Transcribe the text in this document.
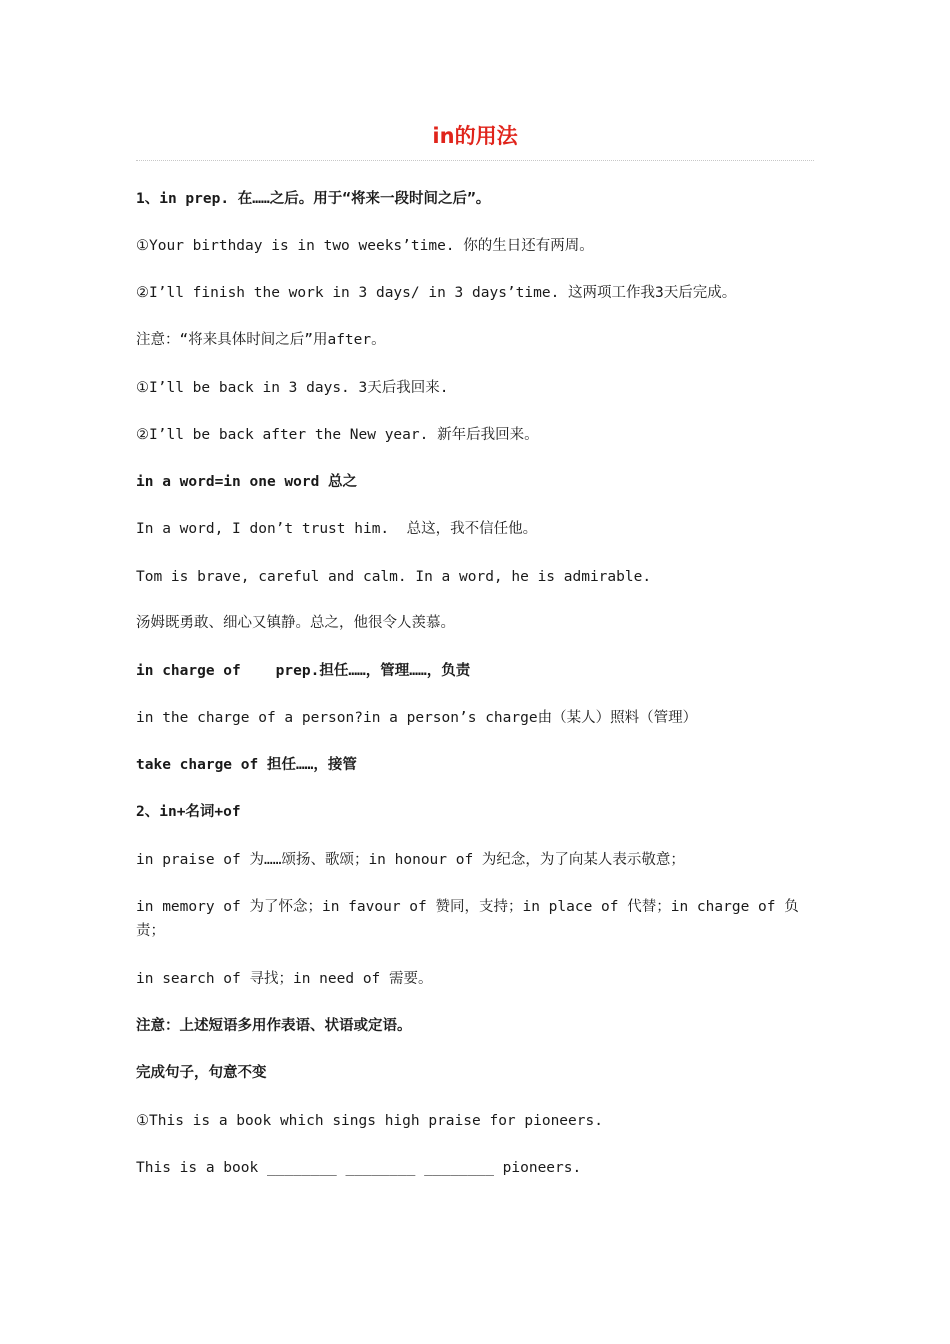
in的用法
1、in prep. 在……之后。用于“将来一段时间之后”。
①Your birthday is in two weeks’time. 你的生日还有两周。
②I’ll finish the work in 3 days/ in 3 days’time. 这两项工作我3天后完成。
注意：“将来具体时间之后”用after。
①I’ll be back in 3 days. 3天后我回来.
②I’ll be back after the New year. 新年后我回来。
in a word=in one word 总之
In a word, I don’t trust him.  总这，我不信任他。
Tom is brave, careful and calm. In a word, he is admirable.
汤姆既勇敢、细心又镇静。总之，他很令人羡慕。
in charge of    prep.担任……，管理……，负责
in the charge of a person?in a person’s charge由（某人）照料（管理）
take charge of 担任……，接管
2、in+名词+of
in praise of 为……颂扬、歌颂；in honour of 为纪念，为了向某人表示敬意；
in memory of 为了怀念；in favour of 赞同，支持；in place of 代替；in charge of 负责；
in search of 寻找；in need of 需要。
注意：上述短语多用作表语、状语或定语。
完成句子，句意不变
①This is a book which sings high praise for pioneers.
This is a book ________ ________ ________ pioneers.
